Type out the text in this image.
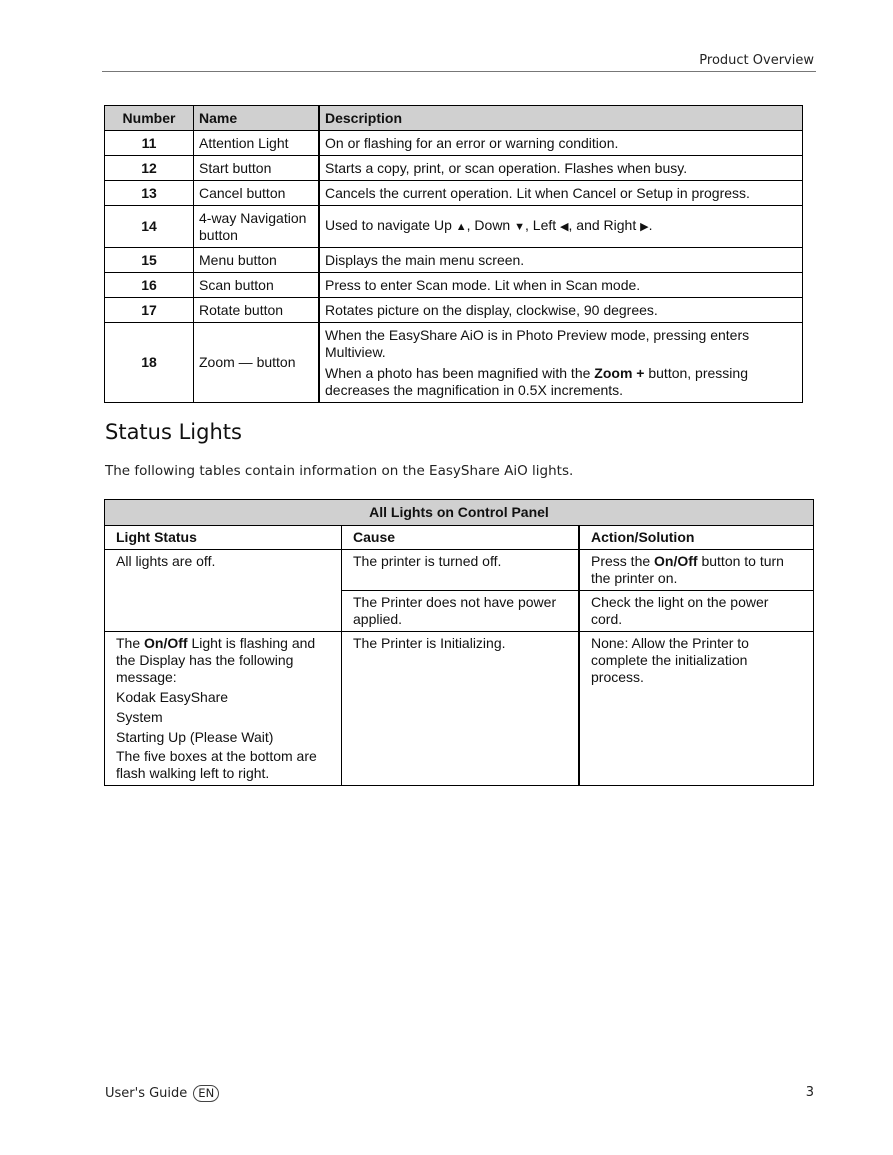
Product Overview
Number	Name	Description
11	Attention Light	On or flashing for an error or warning condition.
12	Start button	Starts a copy, print, or scan operation. Flashes when busy.
13	Cancel button	Cancels the current operation. Lit when Cancel or Setup in progress.
14	4-way Navigation button	Used to navigate Up ▲, Down ▼, Left ◀, and Right ▶.
15	Menu button	Displays the main menu screen.
16	Scan button	Press to enter Scan mode. Lit when in Scan mode.
17	Rotate button	Rotates picture on the display, clockwise, 90 degrees.
18	Zoom — button	When the EasyShare AiO is in Photo Preview mode, pressing enters Multiview.

When a photo has been magnified with the Zoom + button, pressing decreases the magnification in 0.5X increments.

Status Lights
The following tables contain information on the EasyShare AiO lights.
All Lights on Control Panel		
Light Status	Cause	Action/Solution
All lights are off.	The printer is turned off.	Press the On/Off button to turn the printer on.
	The Printer does not have power applied.	Check the light on the power cord.
The On/Off Light is flashing and the Display has the following message:
Kodak EasyShare
System
Starting Up (Please Wait)
The five boxes at the bottom are flash walking left to right.	The Printer is Initializing.	None: Allow the Printer to complete the initialization process.
User's Guide EN	3
